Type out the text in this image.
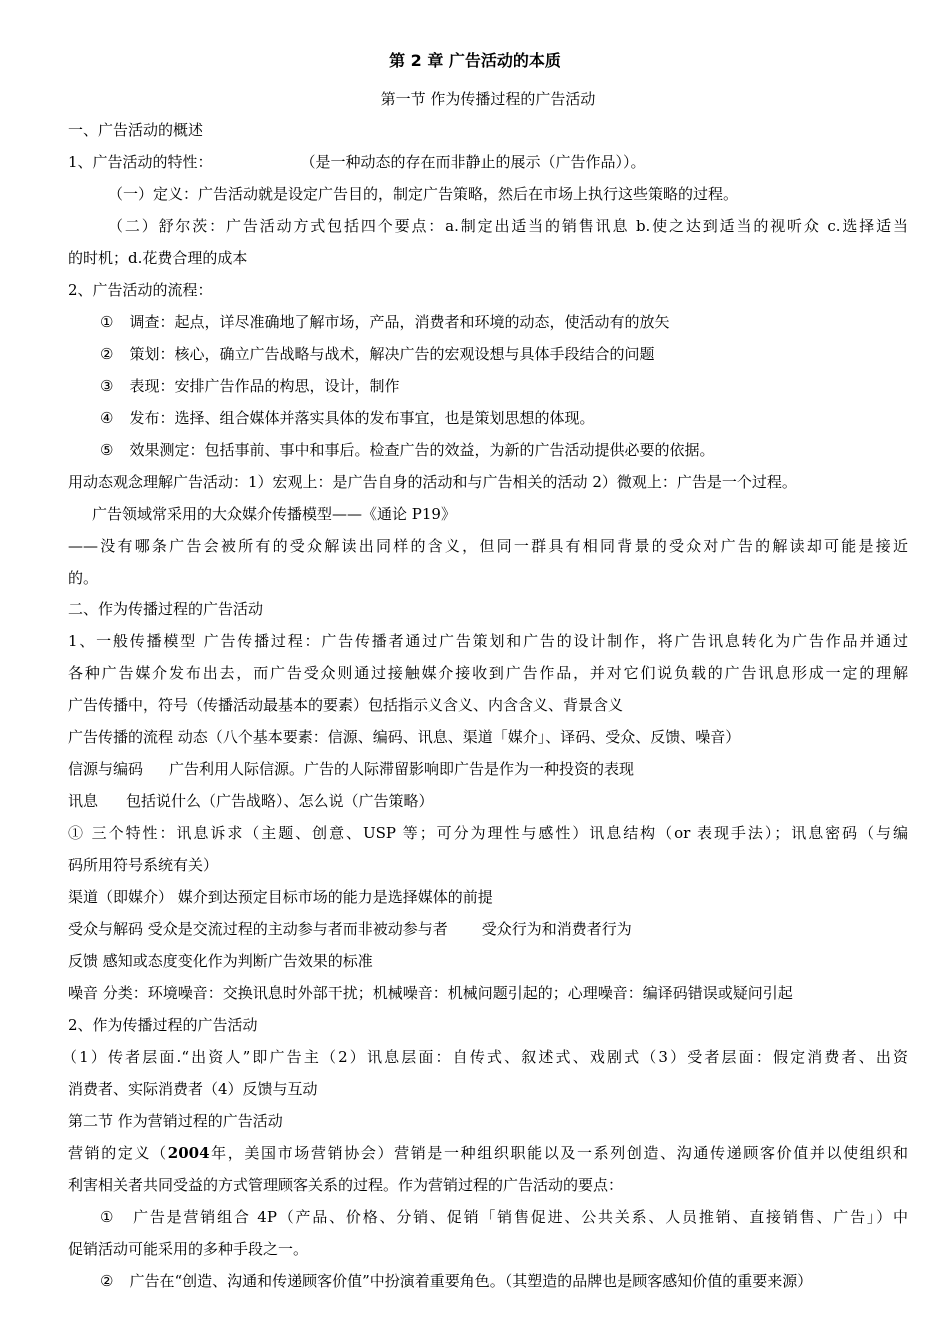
第 2 章 广告活动的本质
第一节 作为传播过程的广告活动
一、广告活动的概述
1、广告活动的特性：	（是一种动态的存在而非静止的展示（广告作品））。
（一）定义：广告活动就是设定广告目的，制定广告策略，然后在市场上执行这些策略的过程。
（二）舒尔茨：广告活动方式包括四个要点：a.制定出适当的销售讯息 b.使之达到适当的视听众 c.选择适当
的时机；d.花费合理的成本
2、广告活动的流程：
① 调查：起点，详尽准确地了解市场，产品，消费者和环境的动态，使活动有的放矢
② 策划：核心，确立广告战略与战术，解决广告的宏观设想与具体手段结合的问题
③ 表现：安排广告作品的构思，设计，制作
④ 发布：选择、组合媒体并落实具体的发布事宜，也是策划思想的体现。
⑤ 效果测定：包括事前、事中和事后。检查广告的效益，为新的广告活动提供必要的依据。
用动态观念理解广告活动：1）宏观上：是广告自身的活动和与广告相关的活动 2）微观上：广告是一个过程。
广告领域常采用的大众媒介传播模型——《通论 P19》
——没有哪条广告会被所有的受众解读出同样的含义，但同一群具有相同背景的受众对广告的解读却可能是接近
的。
二、作为传播过程的广告活动
1、一般传播模型 广告传播过程：广告传播者通过广告策划和广告的设计制作，将广告讯息转化为广告作品并通过
各种广告媒介发布出去，而广告受众则通过接触媒介接收到广告作品，并对它们说负载的广告讯息形成一定的理解
广告传播中，符号（传播活动最基本的要素）包括指示义含义、内含含义、背景含义
广告传播的流程 动态（八个基本要素：信源、编码、讯息、渠道「媒介」、译码、受众、反馈、噪音）
信源与编码 广告利用人际信源。广告的人际滞留影响即广告是作为一种投资的表现
讯息 包括说什么（广告战略）、怎么说（广告策略）
① 三个特性：讯息诉求（主题、创意、USP 等；可分为理性与感性）讯息结构（or 表现手法）；讯息密码（与编
码所用符号系统有关）
渠道（即媒介） 媒介到达预定目标市场的能力是选择媒体的前提
受众与解码 受众是交流过程的主动参与者而非被动参与者 受众行为和消费者行为
反馈 感知或态度变化作为判断广告效果的标准
噪音 分类：环境噪音：交换讯息时外部干扰；机械噪音：机械问题引起的；心理噪音：编译码错误或疑问引起
2、作为传播过程的广告活动
（1）传者层面.“出资人”即广告主（2）讯息层面：自传式、叙述式、戏剧式（3）受者层面：假定消费者、出资
消费者、实际消费者（4）反馈与互动
第二节 作为营销过程的广告活动
营销的定义（2004年，美国市场营销协会）营销是一种组织职能以及一系列创造、沟通传递顾客价值并以使组织和
利害相关者共同受益的方式管理顾客关系的过程。作为营销过程的广告活动的要点：
① 广告是营销组合 4P（产品、价格、分销、促销「销售促进、公共关系、人员推销、直接销售、广告」）中
促销活动可能采用的多种手段之一。
② 广告在“创造、沟通和传递顾客价值”中扮演着重要角色。（其塑造的品牌也是顾客感知价值的重要来源）
